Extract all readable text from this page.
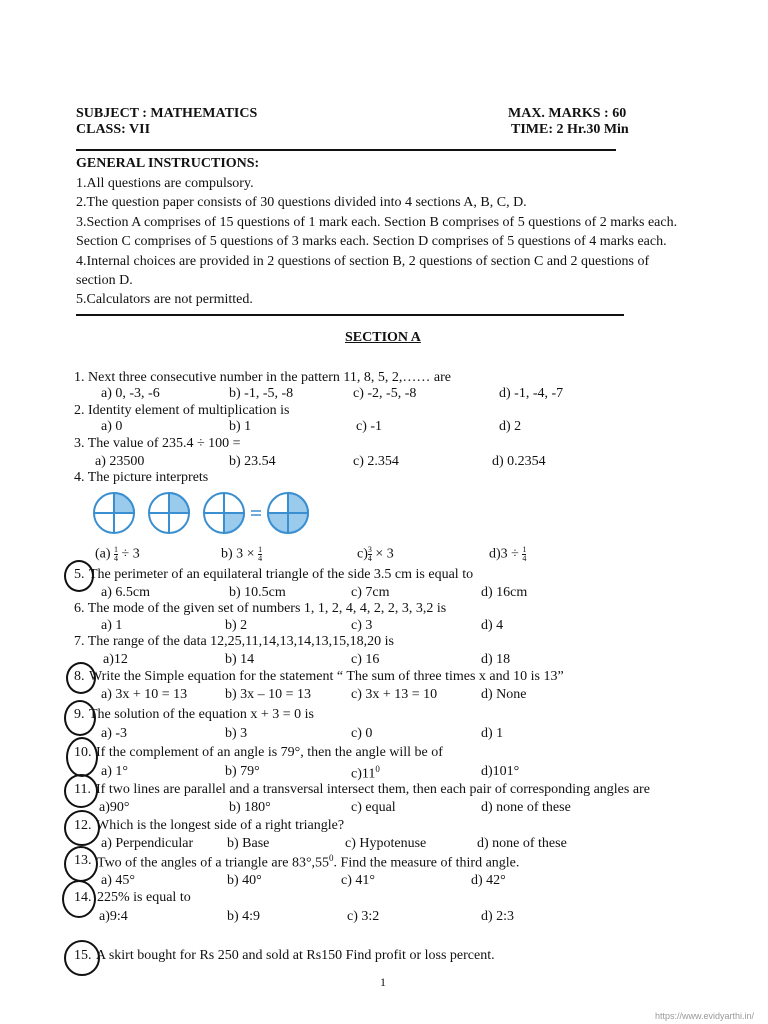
SUBJECT : MATHEMATICS
CLASS: VII
MAX. MARKS : 60
TIME: 2 Hr.30 Min
GENERAL INSTRUCTIONS:
1.All questions are compulsory.
2.The question paper consists of 30 questions divided into 4 sections A, B, C, D.
3.Section A comprises of 15 questions of 1 mark each. Section B comprises of 5 questions of 2 marks each.
Section C comprises of 5 questions of 3 marks each. Section D comprises of 5 questions of 4 marks each.
4.Internal choices are provided in 2 questions of section B, 2 questions of section C and 2 questions of
section D.
5.Calculators are not permitted.
SECTION A
1. Next three consecutive number in the pattern 11, 8, 5, 2,…… are
a) 0, -3, -6	b) -1, -5, -8	c) -2, -5, -8	d) -1, -4, -7
2. Identity element of multiplication is
a) 0	b) 1	c) -1	d) 2
3. The value of 235.4 ÷ 100 =
a) 23500	b) 23.54	c) 2.354	d) 0.2354
4. The picture interprets
$(a) \frac{1}{4} \div 3$	b) $3 \times \frac{1}{4}$	$c) \frac{3}{4} \times 3$	$d)3 \div \frac{1}{4}$
5. The perimeter of an equilateral triangle of the side 3.5 cm is equal to
a) 6.5cm	b) 10.5cm	c) 7cm	d) 16cm
6. The mode of the given set of numbers 1, 1, 2, 4, 4, 2, 2, 3, 3,2 is
a) 1	b) 2	c) 3	d) 4
7. The range of the data 12,25,11,14,13,14,13,15,18,20 is
a)12	b) 14	c) 16	d) 18
8. Write the Simple equation for the statement “ The sum of three times x and 10 is 13”
a) 3x + 10 = 13	b) 3x – 10 = 13	c) 3x + 13 = 10	d) None
9. The solution of the equation x + 3 = 0 is
a) -3	b) 3	c) 0	d) 1
10. If the complement of an angle is 79°, then the angle will be of
a) 1°	b) 79°	$c)11^0$	d)101°
11. If two lines are parallel and a transversal intersect them, then each pair of corresponding angles are
a)90°	b) 180°	c) equal	d) none of these
12. Which is the longest side of a right triangle?
a) Perpendicular b) Base	c) Hypotenuse	d) none of these
13. Two of the angles of a triangle are $83^\circ,55^0$. Find the measure of third angle.
a) 45°	b) 40°	c) 41°	d) 42°
14. 225% is equal to
a)9:4	b) 4:9	c) 3:2	d) 2:3
15. A skirt bought for Rs 250 and sold at Rs150 Find profit or loss percent.
1
https://www.evidyarthi.in/
